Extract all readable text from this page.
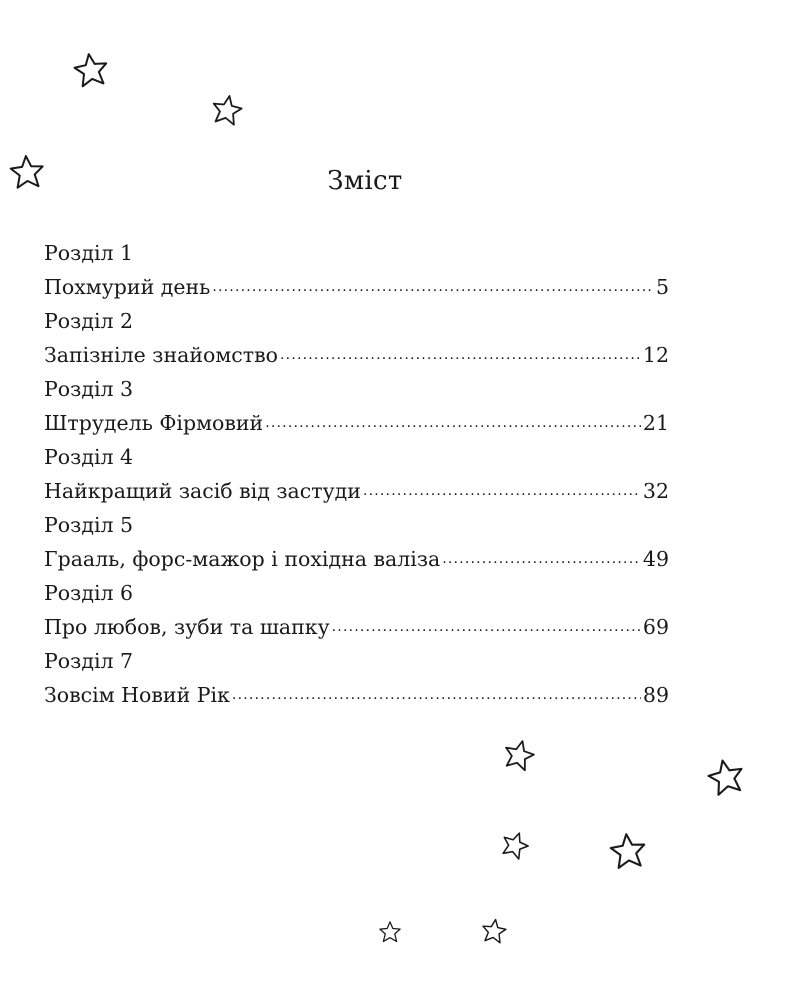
Зміст
Розділ 1
Похмурий день .....	5
Розділ 2
Запізніле знайомство .....	12
Розділ 3
Штрудель Фірмовий .....	21
Розділ 4
Найкращий засіб від застуди .....	32
Розділ 5
Грааль, форс-мажор і похідна валіза .....	49
Розділ 6
Про любов, зуби та шапку .....	69
Розділ 7
Зовсім Новий Рік .....	89
